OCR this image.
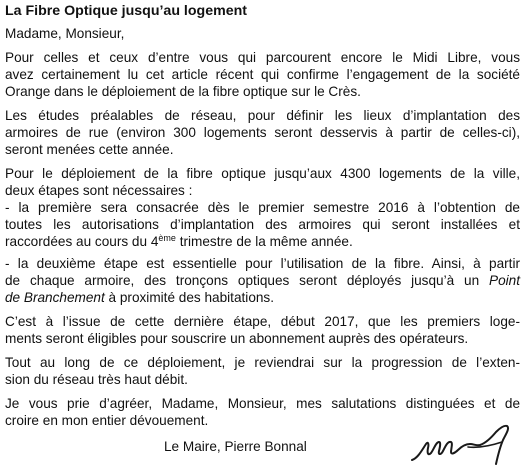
La Fibre Optique jusqu’au logement

Madame, Monsieur,

Pour celles et ceux d’entre vous qui parcourent encore le Midi Libre, vous
avez certainement lu cet article récent qui confirme l’engagement de la société
Orange dans le déploiement de la fibre optique sur le Crès.

Les études préalables de réseau, pour définir les lieux d’implantation des
armoires de rue (environ 300 logements seront desservis à partir de celles-ci),
seront menées cette année.

Pour le déploiement de la fibre optique jusqu’aux 4300 logements de la ville,
deux étapes sont nécessaires :
- la première sera consacrée dès le premier semestre 2016 à l’obtention de
toutes les autorisations d’implantation des armoires qui seront installées et
raccordées au cours du 4ème trimestre de la même année.

- la deuxième étape est essentielle pour l’utilisation de la fibre. Ainsi, à partir
de chaque armoire, des tronçons optiques seront déployés jusqu’à un Point
de Branchement à proximité des habitations.

C’est à l’issue de cette dernière étape, début 2017, que les premiers loge-
ments seront éligibles pour souscrire un abonnement auprès des opérateurs.

Tout au long de ce déploiement, je reviendrai sur la progression de l’exten-
sion du réseau très haut débit.

Je vous prie d’agréer, Madame, Monsieur, mes salutations distinguées et de
croire en mon entier dévouement.

Le Maire, Pierre Bonnal
